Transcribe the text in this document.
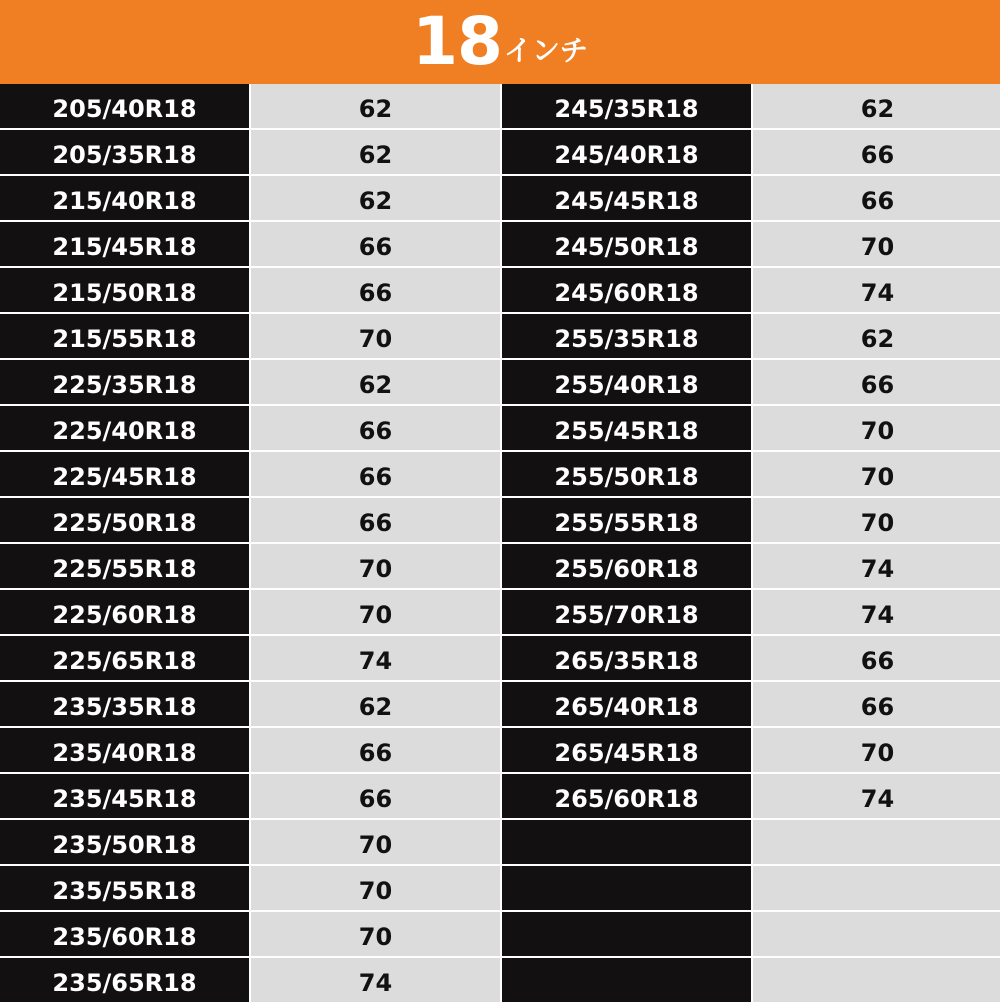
18 インチ
205/40R18	62	245/35R18	62
205/35R18	62	245/40R18	66
215/40R18	62	245/45R18	66
215/45R18	66	245/50R18	70
215/50R18	66	245/60R18	74
215/55R18	70	255/35R18	62
225/35R18	62	255/40R18	66
225/40R18	66	255/45R18	70
225/45R18	66	255/50R18	70
225/50R18	66	255/55R18	70
225/55R18	70	255/60R18	74
225/60R18	70	255/70R18	74
225/65R18	74	265/35R18	66
235/35R18	62	265/40R18	66
235/40R18	66	265/45R18	70
235/45R18	66	265/60R18	74
235/50R18	70
235/55R18	70
235/60R18	70
235/65R18	74
